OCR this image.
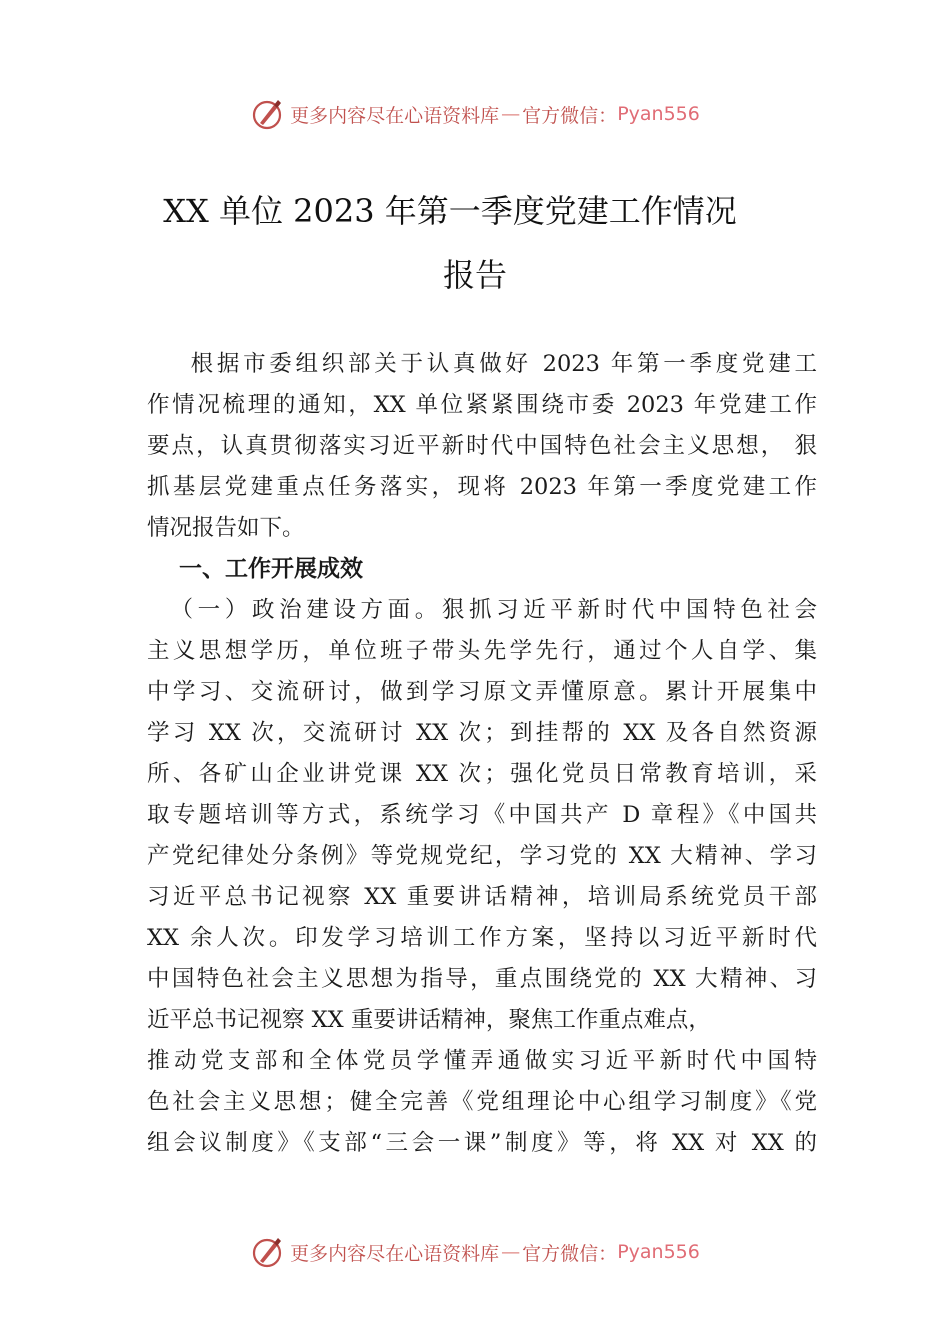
更多内容尽在心语资料库 — 官方微信： Pyan556
XX 单位 2023 年第一季度党建工作情况
报告
根据市委组织部关于认真做好 2023 年第一季度党建工
作情况梳理的通知，XX 单位紧紧围绕市委 2023 年党建工作
要点，认真贯彻落实习近平新时代中国特色社会主义思想， 狠
抓基层党建重点任务落实，现将 2023 年第一季度党建工作
情况报告如下。
一、工作开展成效
（一）政治建设方面。狠抓习近平新时代中国特色社会
主义思想学历，单位班子带头先学先行，通过个人自学、集
中学习、交流研讨，做到学习原文弄懂原意。累计开展集中
学习 XX 次，交流研讨 XX 次；到挂帮的 XX 及各自然资源
所、各矿山企业讲党课 XX 次；强化党员日常教育培训，采
取专题培训等方式，系统学习《中国共产 D 章程》《中国共
产党纪律处分条例》等党规党纪，学习党的 XX 大精神、学习
习近平总书记视察 XX 重要讲话精神，培训局系统党员干部
XX 余人次。印发学习培训工作方案，坚持以习近平新时代
中国特色社会主义思想为指导，重点围绕党的 XX 大精神、习
近平总书记视察 XX 重要讲话精神，聚焦工作重点难点，
推动党支部和全体党员学懂弄通做实习近平新时代中国特
色社会主义思想；健全完善《党组理论中心组学习制度》《党
组会议制度》《支部“三会一课”制度》等，将 XX 对 XX 的
更多内容尽在心语资料库 — 官方微信： Pyan556
